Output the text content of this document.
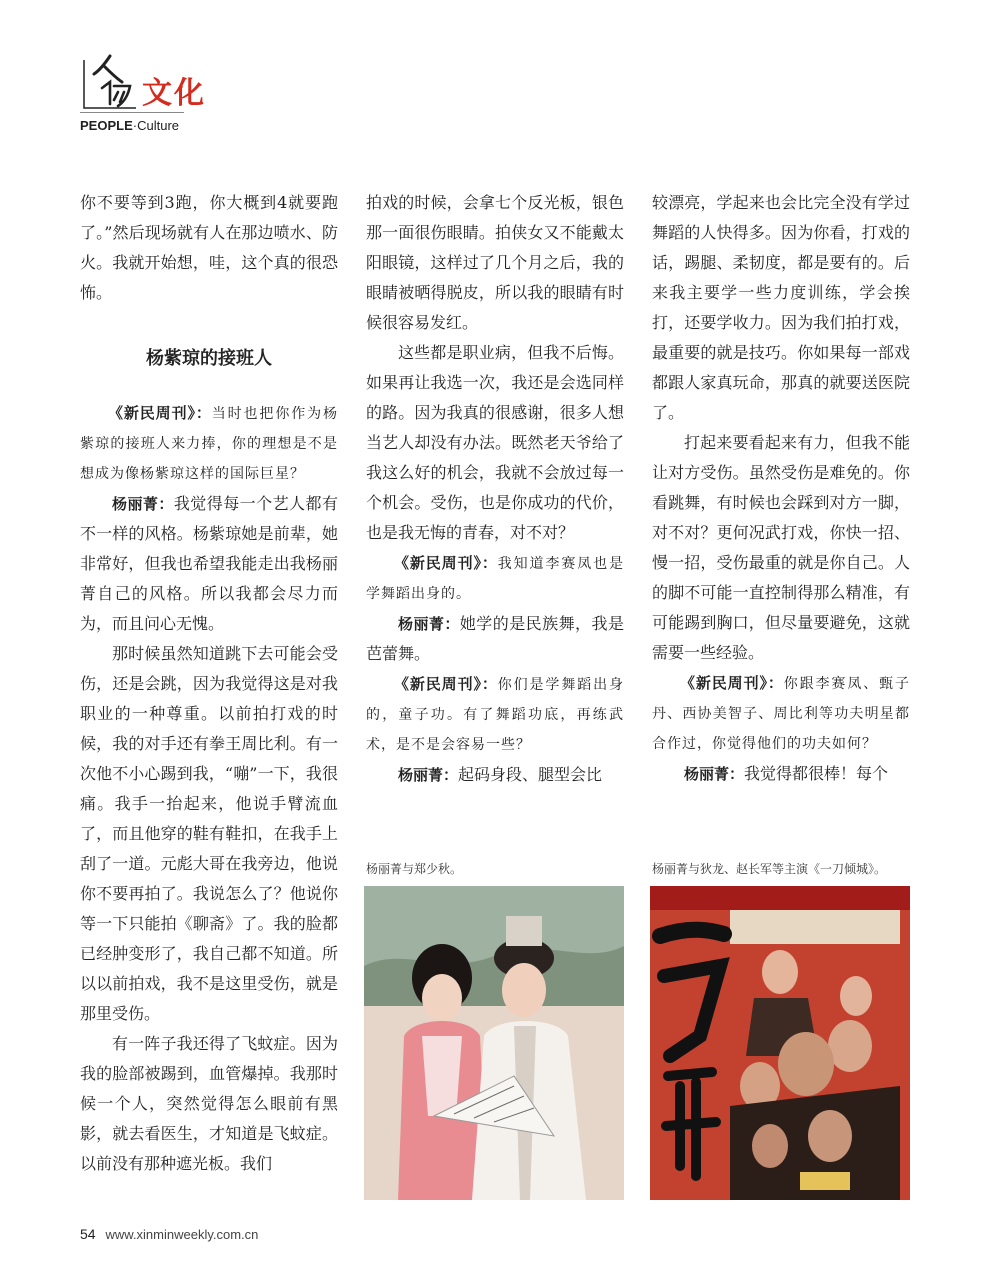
文化
PEOPLE·Culture

你不要等到3跑，你大概到4就要跑了。”然后现场就有人在那边喷水、防火。我就开始想，哇，这个真的很恐怖。

杨紫琼的接班人

《新民周刊》：当时也把你作为杨紫琼的接班人来力捧，你的理想是不是想成为像杨紫琼这样的国际巨星？

杨丽菁：我觉得每一个艺人都有不一样的风格。杨紫琼她是前辈，她非常好，但我也希望我能走出我杨丽菁自己的风格。所以我都会尽力而为，而且问心无愧。

那时候虽然知道跳下去可能会受伤，还是会跳，因为我觉得这是对我职业的一种尊重。以前拍打戏的时候，我的对手还有拳王周比利。有一次他不小心踢到我，“嘣”一下，我很痛。我手一抬起来，他说手臂流血了，而且他穿的鞋有鞋扣，在我手上刮了一道。元彪大哥在我旁边，他说你不要再拍了。我说怎么了？他说你等一下只能拍《聊斋》了。我的脸都已经肿变形了，我自己都不知道。所以以前拍戏，我不是这里受伤，就是那里受伤。

有一阵子我还得了飞蚊症。因为我的脸部被踢到，血管爆掉。我那时候一个人，突然觉得怎么眼前有黑影，就去看医生，才知道是飞蚊症。以前没有那种遮光板。我们

拍戏的时候，会拿七个反光板，银色那一面很伤眼睛。拍侠女又不能戴太阳眼镜，这样过了几个月之后，我的眼睛被晒得脱皮，所以我的眼睛有时候很容易发红。

这些都是职业病，但我不后悔。如果再让我选一次，我还是会选同样的路。因为我真的很感谢，很多人想当艺人却没有办法。既然老天爷给了我这么好的机会，我就不会放过每一个机会。受伤，也是你成功的代价，也是我无悔的青春，对不对？

《新民周刊》：我知道李赛凤也是学舞蹈出身的。

杨丽菁：她学的是民族舞，我是芭蕾舞。

《新民周刊》：你们是学舞蹈出身的，童子功。有了舞蹈功底，再练武术，是不是会容易一些？

杨丽菁：起码身段、腿型会比

较漂亮，学起来也会比完全没有学过舞蹈的人快得多。因为你看，打戏的话，踢腿、柔韧度，都是要有的。后来我主要学一些力度训练，学会挨打，还要学收力。因为我们拍打戏，最重要的就是技巧。你如果每一部戏都跟人家真玩命，那真的就要送医院了。

打起来要看起来有力，但我不能让对方受伤。虽然受伤是难免的。你看跳舞，有时候也会踩到对方一脚，对不对？更何况武打戏，你快一招、慢一招，受伤最重的就是你自己。人的脚不可能一直控制得那么精准，有可能踢到胸口，但尽量要避免，这就需要一些经验。

《新民周刊》：你跟李赛凤、甄子丹、西协美智子、周比利等功夫明星都合作过，你觉得他们的功夫如何？

杨丽菁：我觉得都很棒！每个

杨丽菁与郑少秋。	杨丽菁与狄龙、赵长军等主演《一刀倾城》。
54 www.xinminweekly.com.cn
